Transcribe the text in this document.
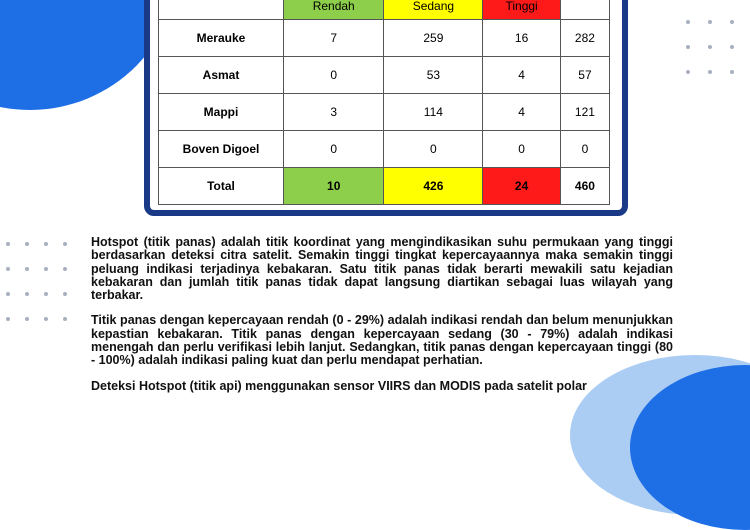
	Rendah	Sedang	Tinggi	

Merauke	7	259	16	282
Asmat	0	53	4	57
Mappi	3	114	4	121
Boven Digoel	0	0	0	0
Total	10	426	24	460

Hotspot (titik panas) adalah titik koordinat yang mengindikasikan suhu permukaan yang tinggi berdasarkan deteksi citra satelit. Semakin tinggi tingkat kepercayaannya maka semakin tinggi peluang indikasi terjadinya kebakaran. Satu titik panas tidak berarti mewakili satu kejadian kebakaran dan jumlah titik panas tidak dapat langsung diartikan sebagai luas wilayah yang terbakar.

Titik panas dengan kepercayaan rendah (0 - 29%) adalah indikasi rendah dan belum menunjukkan kepastian kebakaran. Titik panas dengan kepercayaan sedang (30 - 79%) adalah indikasi menengah dan perlu verifikasi lebih lanjut. Sedangkan, titik panas dengan kepercayaan tinggi (80 - 100%) adalah indikasi paling kuat dan perlu mendapat perhatian.

Deteksi Hotspot (titik api) menggunakan sensor VIIRS dan MODIS pada satelit polar
